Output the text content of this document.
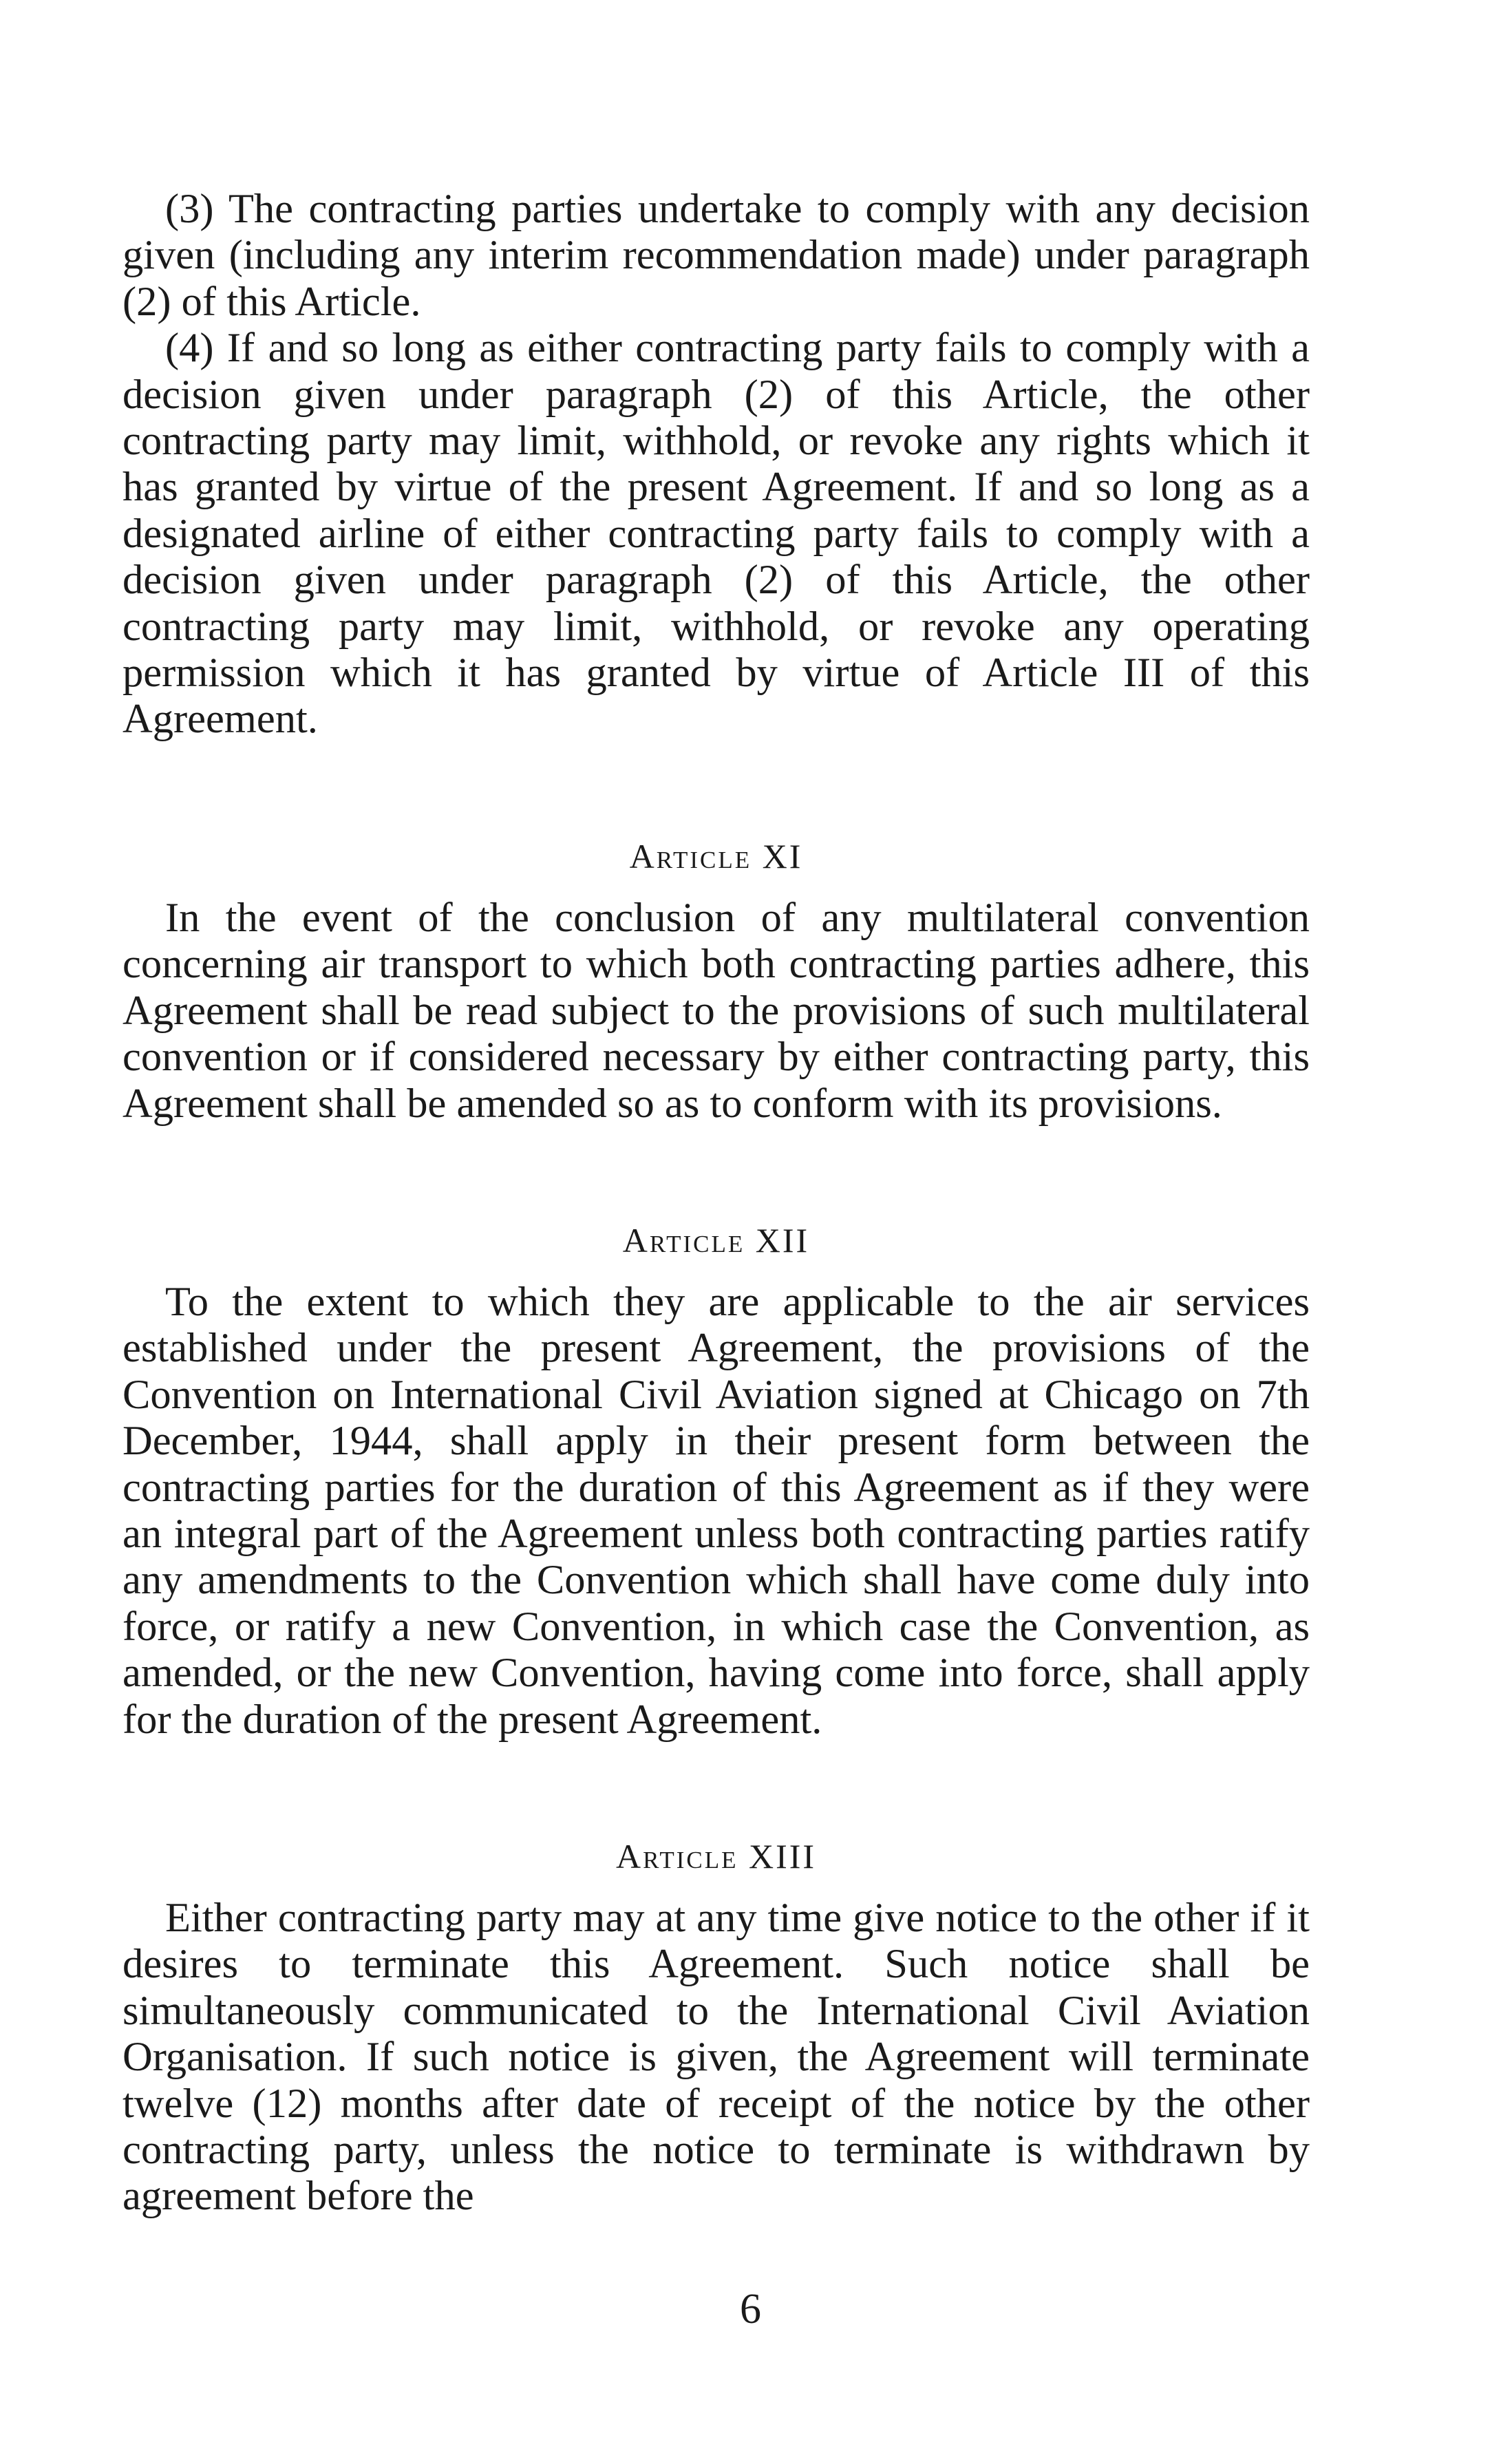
(3) The contracting parties undertake to comply with any decision given (including any interim recommendation made) under paragraph (2) of this Article.

(4) If and so long as either contracting party fails to comply with a decision given under paragraph (2) of this Article, the other contracting party may limit, withhold, or revoke any rights which it has granted by virtue of the present Agreement. If and so long as a designated airline of either contracting party fails to comply with a decision given under paragraph (2) of this Article, the other contracting party may limit, withhold, or revoke any operating permission which it has granted by virtue of Article III of this Agreement.

Article XI

In the event of the conclusion of any multilateral convention concerning air transport to which both contracting parties adhere, this Agreement shall be read subject to the provisions of such multilateral convention or if considered necessary by either contracting party, this Agreement shall be amended so as to conform with its provisions.

Article XII

To the extent to which they are applicable to the air services established under the present Agreement, the provisions of the Convention on International Civil Aviation signed at Chicago on 7th December, 1944, shall apply in their present form between the contracting parties for the duration of this Agreement as if they were an integral part of the Agreement unless both contracting parties ratify any amendments to the Convention which shall have come duly into force, or ratify a new Convention, in which case the Convention, as amended, or the new Convention, having come into force, shall apply for the duration of the present Agreement.

Article XIII

Either contracting party may at any time give notice to the other if it desires to terminate this Agreement. Such notice shall be simultaneously communicated to the International Civil Aviation Organisation. If such notice is given, the Agreement will terminate twelve (12) months after date of receipt of the notice by the other contracting party, unless the notice to terminate is withdrawn by agreement before the

6
